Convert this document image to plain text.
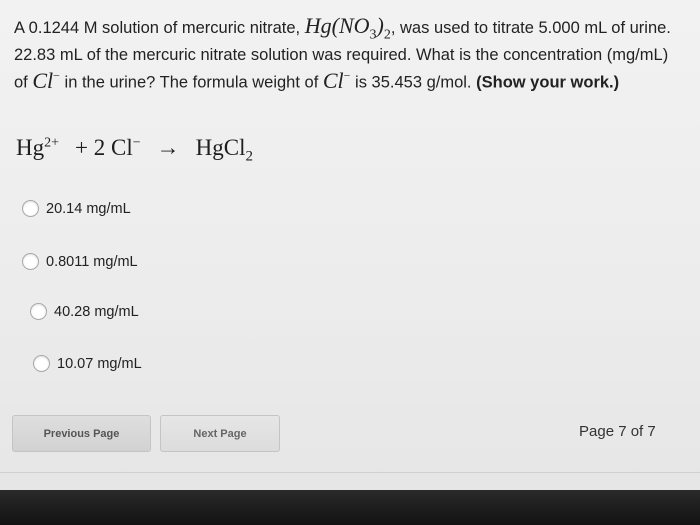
A 0.1244 M solution of mercuric nitrate, $Hg(NO_3)_2$, was used to titrate 5.000 mL of urine. 22.83 mL of the mercuric nitrate solution was required. What is the concentration (mg/mL) of Cl− in the urine? The formula weight of Cl− is 35.453 g/mol. (Show your work.)
$Hg^{2+} + 2$ Cl− → HgCl$_2$
20.14 mg/mL
0.8011 mg/mL
40.28 mg/mL
10.07 mg/mL
Previous Page	Next Page	Page 7 of 7
